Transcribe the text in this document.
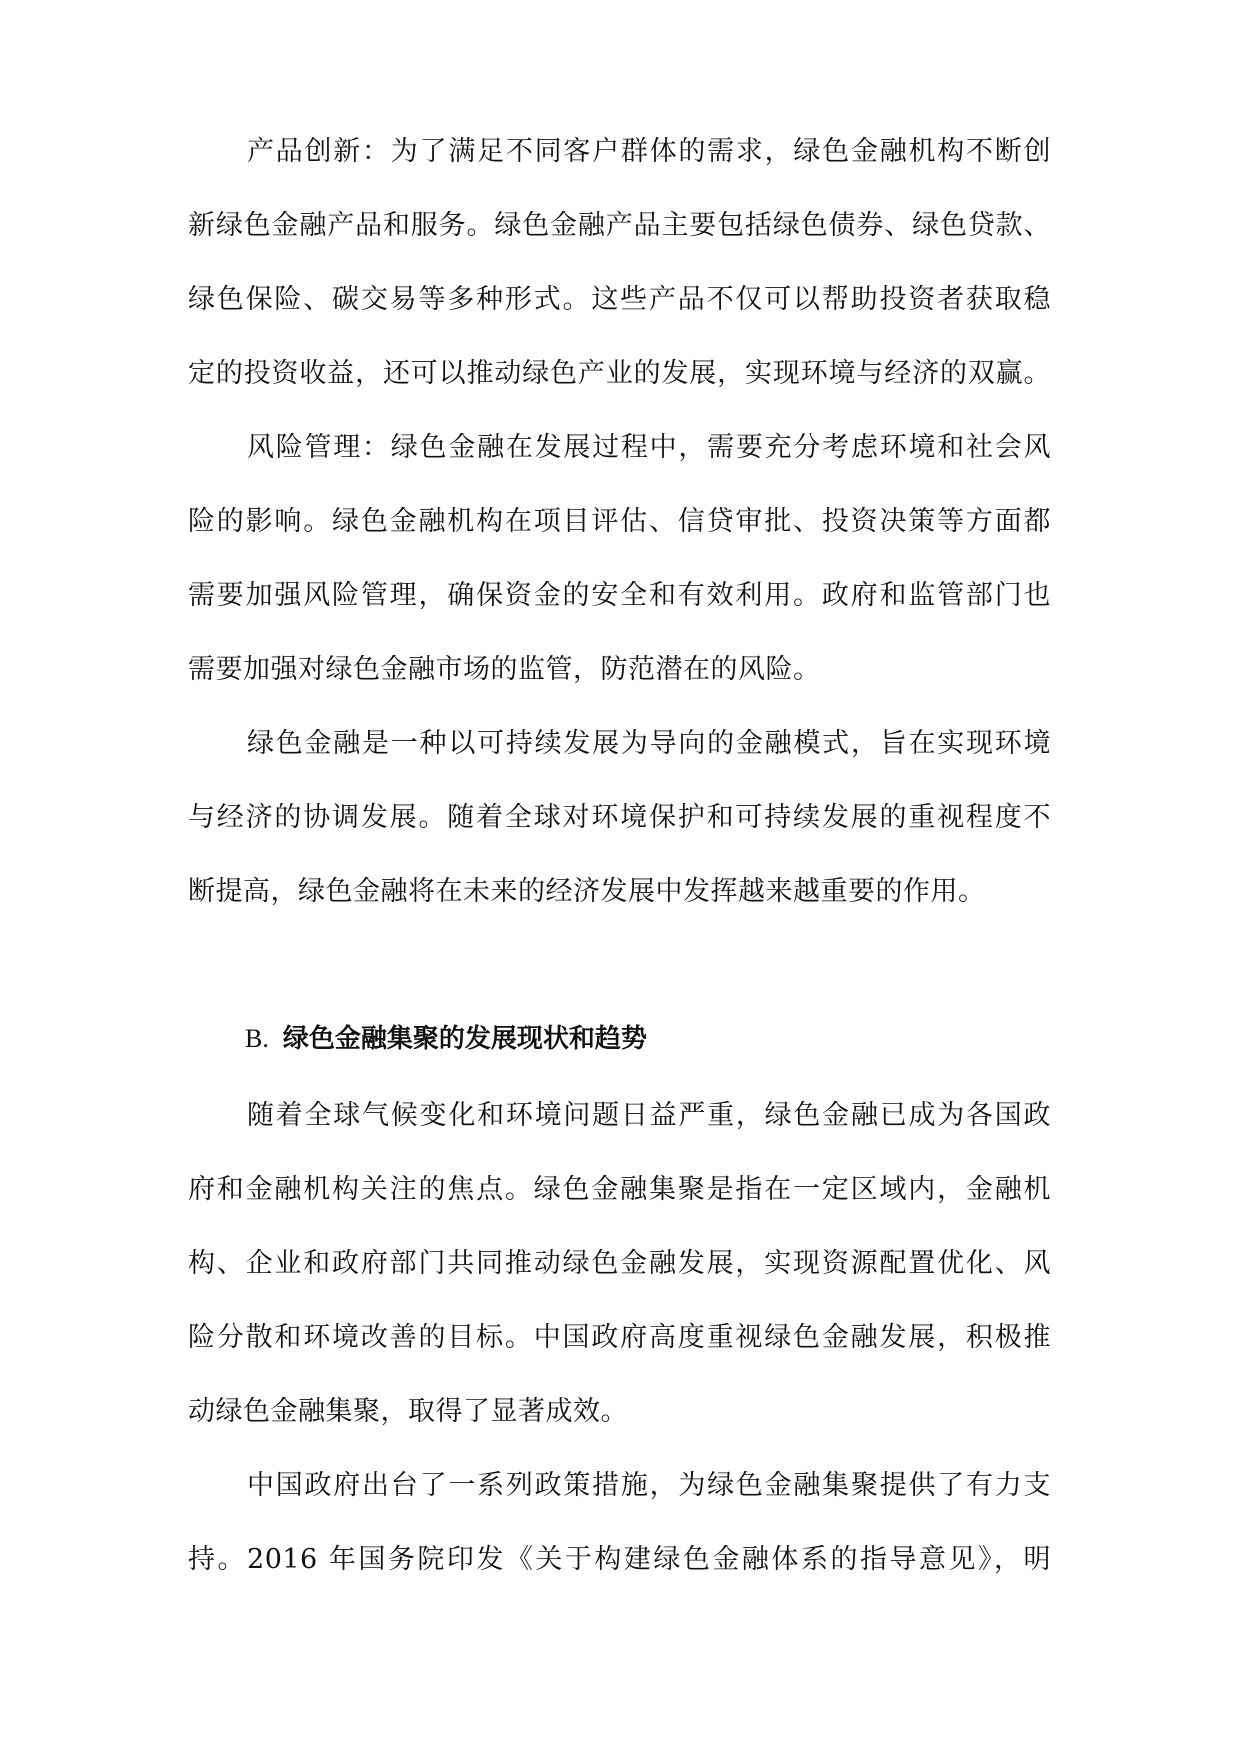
产品创新：为了满足不同客户群体的需求，绿色金融机构不断创
新绿色金融产品和服务。绿色金融产品主要包括绿色债券、绿色贷款、
绿色保险、碳交易等多种形式。这些产品不仅可以帮助投资者获取稳
定的投资收益，还可以推动绿色产业的发展，实现环境与经济的双赢。
风险管理：绿色金融在发展过程中，需要充分考虑环境和社会风
险的影响。绿色金融机构在项目评估、信贷审批、投资决策等方面都
需要加强风险管理，确保资金的安全和有效利用。政府和监管部门也
需要加强对绿色金融市场的监管，防范潜在的风险。
绿色金融是一种以可持续发展为导向的金融模式，旨在实现环境
与经济的协调发展。随着全球对环境保护和可持续发展的重视程度不
断提高，绿色金融将在未来的经济发展中发挥越来越重要的作用。
B. 绿色金融集聚的发展现状和趋势
随着全球气候变化和环境问题日益严重，绿色金融已成为各国政
府和金融机构关注的焦点。绿色金融集聚是指在一定区域内，金融机
构、企业和政府部门共同推动绿色金融发展，实现资源配置优化、风
险分散和环境改善的目标。中国政府高度重视绿色金融发展，积极推
动绿色金融集聚，取得了显著成效。
中国政府出台了一系列政策措施，为绿色金融集聚提供了有力支
持。2016 年国务院印发《关于构建绿色金融体系的指导意见》，明
